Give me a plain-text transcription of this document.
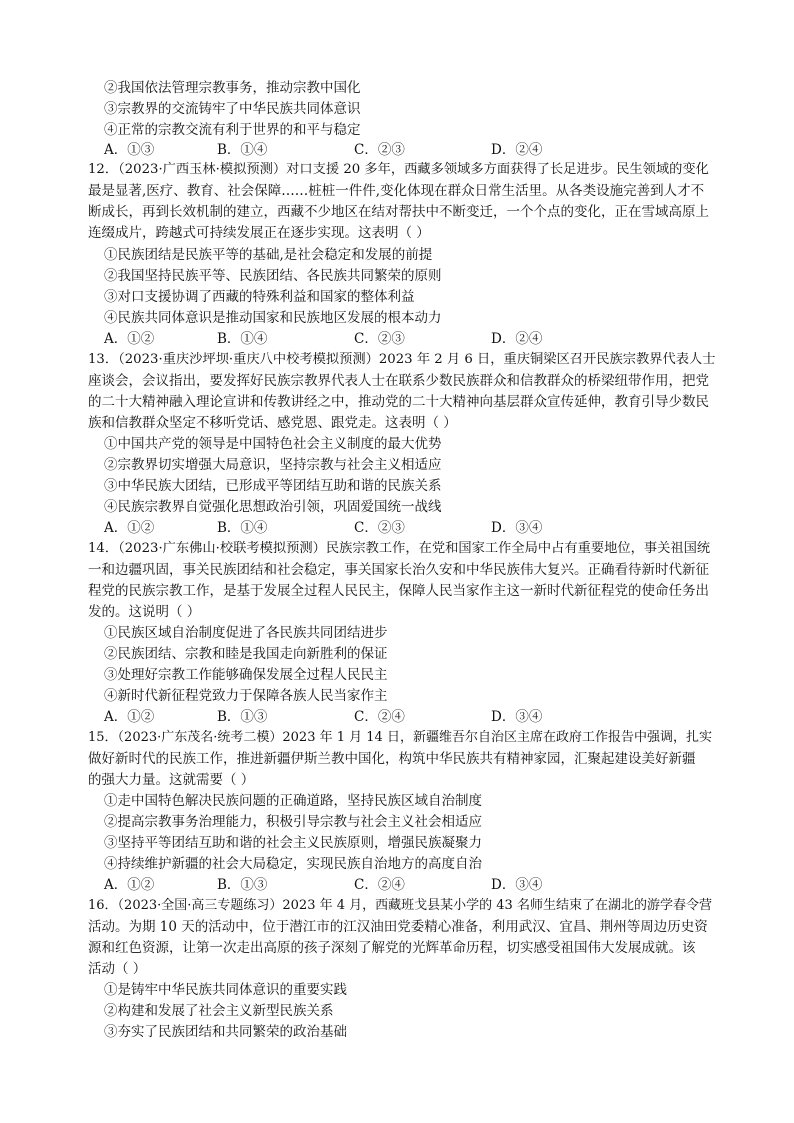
②我国依法管理宗教事务，推动宗教中国化
③宗教界的交流铸牢了中华民族共同体意识
④正常的宗教交流有利于世界的和平与稳定
A．①③	B．①④	C．②③	D．②④
12．（2023·广西玉林·模拟预测）对口支援 20 多年，西藏多领域多方面获得了长足进步。民生领域的变化
最是显著,医疗、教育、社会保障……桩桩一件件,变化体现在群众日常生活里。从各类设施完善到人才不
断成长，再到长效机制的建立，西藏不少地区在结对帮扶中不断变迁，一个个点的变化，正在雪域高原上
连缀成片，跨越式可持续发展正在逐步实现。这表明（ ）
①民族团结是民族平等的基础,是社会稳定和发展的前提
②我国坚持民族平等、民族团结、各民族共同繁荣的原则
③对口支援协调了西藏的特殊利益和国家的整体利益
④民族共同体意识是推动国家和民族地区发展的根本动力
A．①②	B．①④	C．②③	D．②④
13．（2023·重庆沙坪坝·重庆八中校考模拟预测）2023 年 2 月 6 日，重庆铜梁区召开民族宗教界代表人士
座谈会，会议指出，要发挥好民族宗教界代表人士在联系少数民族群众和信教群众的桥梁纽带作用，把党
的二十大精神融入理论宣讲和传教讲经之中，推动党的二十大精神向基层群众宣传延伸，教育引导少数民
族和信教群众坚定不移听党话、感党恩、跟党走。这表明（ ）
①中国共产党的领导是中国特色社会主义制度的最大优势
②宗教界切实增强大局意识，坚持宗教与社会主义相适应
③中华民族大团结，已形成平等团结互助和谐的民族关系
④民族宗教界自觉强化思想政治引领，巩固爱国统一战线
A．①②	B．①④	C．②③	D．③④
14．（2023·广东佛山·校联考模拟预测）民族宗教工作，在党和国家工作全局中占有重要地位，事关祖国统
一和边疆巩固，事关民族团结和社会稳定，事关国家长治久安和中华民族伟大复兴。正确看待新时代新征
程党的民族宗教工作，是基于发展全过程人民民主，保障人民当家作主这一新时代新征程党的使命任务出
发的。这说明（ ）
①民族区域自治制度促进了各民族共同团结进步
②民族团结、宗教和睦是我国走向新胜利的保证
③处理好宗教工作能够确保发展全过程人民民主
④新时代新征程党致力于保障各族人民当家作主
A．①②	B．①③	C．②④	D．③④
15．（2023·广东茂名·统考二模）2023 年 1 月 14 日，新疆维吾尔自治区主席在政府工作报告中强调，扎实
做好新时代的民族工作，推进新疆伊斯兰教中国化，构筑中华民族共有精神家园，汇聚起建设美好新疆
的强大力量。这就需要（ ）
①走中国特色解决民族问题的正确道路，坚持民族区域自治制度
②提高宗教事务治理能力，积极引导宗教与社会主义社会相适应
③坚持平等团结互助和谐的社会主义民族原则，增强民族凝聚力
④持续维护新疆的社会大局稳定，实现民族自治地方的高度自治
A．①②	B．①③	C．②④	D．③④
16．（2023·全国·高三专题练习）2023 年 4 月，西藏班戈县某小学的 43 名师生结束了在湖北的游学春令营
活动。为期 10 天的活动中，位于潜江市的江汉油田党委精心准备，利用武汉、宜昌、荆州等周边历史资
源和红色资源，让第一次走出高原的孩子深刻了解党的光辉革命历程，切实感受祖国伟大发展成就。该
活动（ ）
①是铸牢中华民族共同体意识的重要实践
②构建和发展了社会主义新型民族关系
③夯实了民族团结和共同繁荣的政治基础
